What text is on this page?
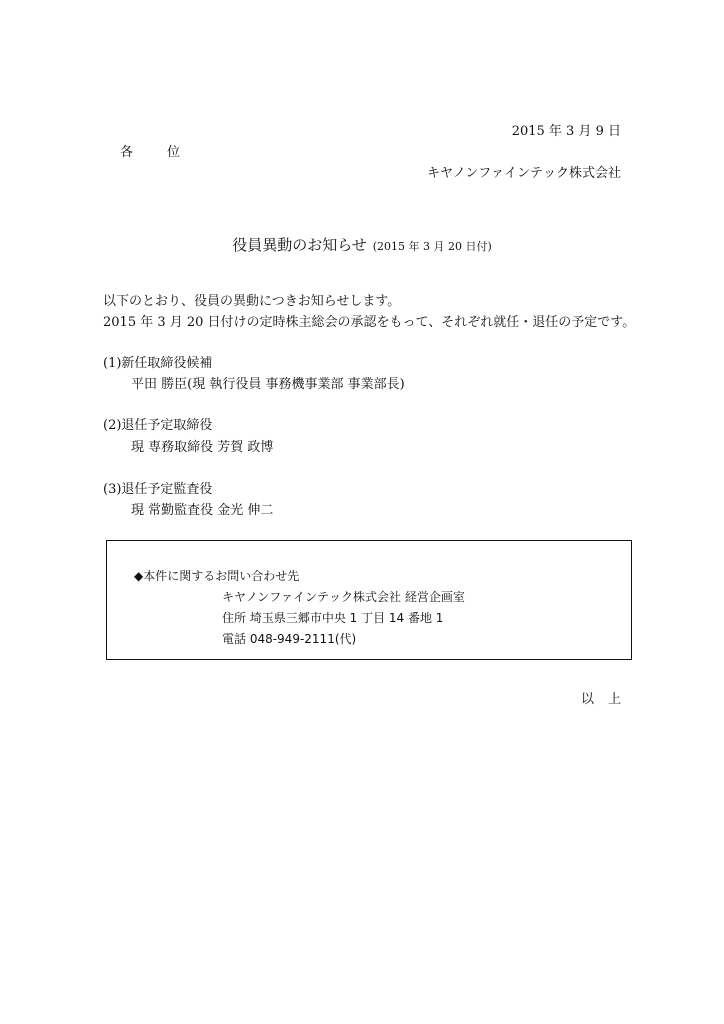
2015 年 3 月 9 日
各	位
キヤノンファインテック株式会社
役員異動のお知らせ (2015 年 3 月 20 日付)
以下のとおり、役員の異動につきお知らせします。
2015 年 3 月 20 日付けの定時株主総会の承認をもって、それぞれ就任・退任の予定です。
(1)新任取締役候補
平田 勝臣(現 執行役員 事務機事業部 事業部長)
(2)退任予定取締役
現 専務取締役 芳賀 政博
(3)退任予定監査役
現 常勤監査役 金光 伸二
◆本件に関するお問い合わせ先
キヤノンファインテック株式会社 経営企画室
住所 埼玉県三郷市中央 1 丁目 14 番地 1
電話 048-949-2111(代)
以 上
